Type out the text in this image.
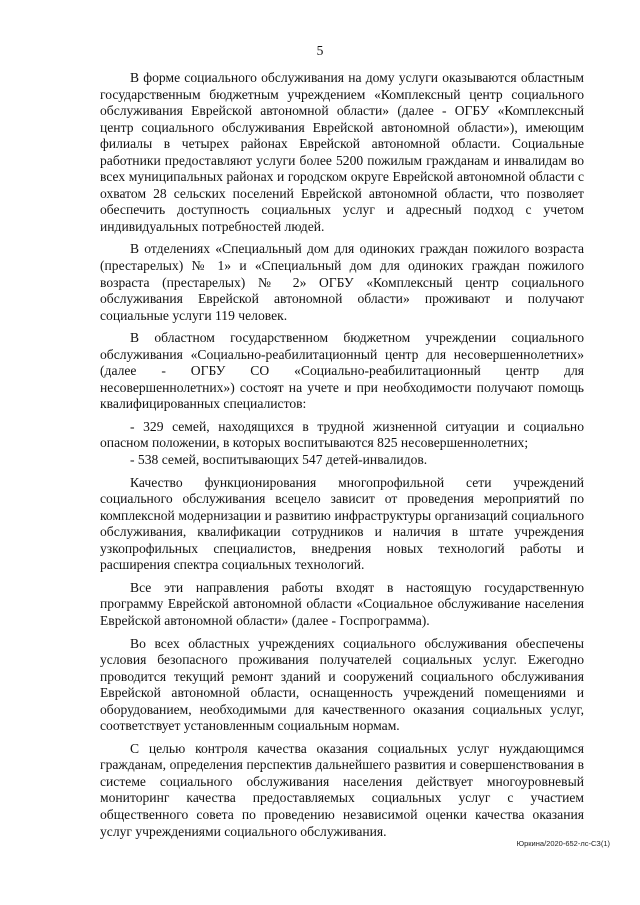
5

В форме социального обслуживания на дому услуги оказываются областным государственным бюджетным учреждением «Комплексный центр социального обслуживания Еврейской автономной области» (далее - ОГБУ «Комплексный центр социального обслуживания Еврейской автономной области»), имеющим филиалы в четырех районах Еврейской автономной области. Социальные работники предоставляют услуги более 5200 пожилым гражданам и инвалидам во всех муниципальных районах и городском округе Еврейской автономной области с охватом 28 сельских поселений Еврейской автономной области, что позволяет обеспечить доступность социальных услуг и адресный подход с учетом индивидуальных потребностей людей.

В отделениях «Специальный дом для одиноких граждан пожилого возраста (престарелых) № 1» и «Специальный дом для одиноких граждан пожилого возраста (престарелых) № 2» ОГБУ «Комплексный центр социального обслуживания Еврейской автономной области» проживают и получают социальные услуги 119 человек.

В областном государственном бюджетном учреждении социального обслуживания «Социально-реабилитационный центр для несовершеннолетних» (далее - ОГБУ СО «Социально-реабилитационный центр для несовершеннолетних») состоят на учете и при необходимости получают помощь квалифицированных специалистов:

- 329 семей, находящихся в трудной жизненной ситуации и социально опасном положении, в которых воспитываются 825 несовершеннолетних;

- 538 семей, воспитывающих 547 детей-инвалидов.

Качество функционирования многопрофильной сети учреждений социального обслуживания всецело зависит от проведения мероприятий по комплексной модернизации и развитию инфраструктуры организаций социального обслуживания, квалификации сотрудников и наличия в штате учреждения узкопрофильных специалистов, внедрения новых технологий работы и расширения спектра социальных технологий.

Все эти направления работы входят в настоящую государственную программу Еврейской автономной области «Социальное обслуживание населения Еврейской автономной области» (далее - Госпрограмма).

Во всех областных учреждениях социального обслуживания обеспечены условия безопасного проживания получателей социальных услуг. Ежегодно проводится текущий ремонт зданий и сооружений социального обслуживания Еврейской автономной области, оснащенность учреждений помещениями и оборудованием, необходимыми для качественного оказания социальных услуг, соответствует установленным социальным нормам.

С целью контроля качества оказания социальных услуг нуждающимся гражданам, определения перспектив дальнейшего развития и совершенствования в системе социального обслуживания населения действует многоуровневый мониторинг качества предоставляемых социальных услуг с участием общественного совета по проведению независимой оценки качества оказания услуг учреждениями социального обслуживания.

Юркина/2020-652-лс-СЗ(1)
